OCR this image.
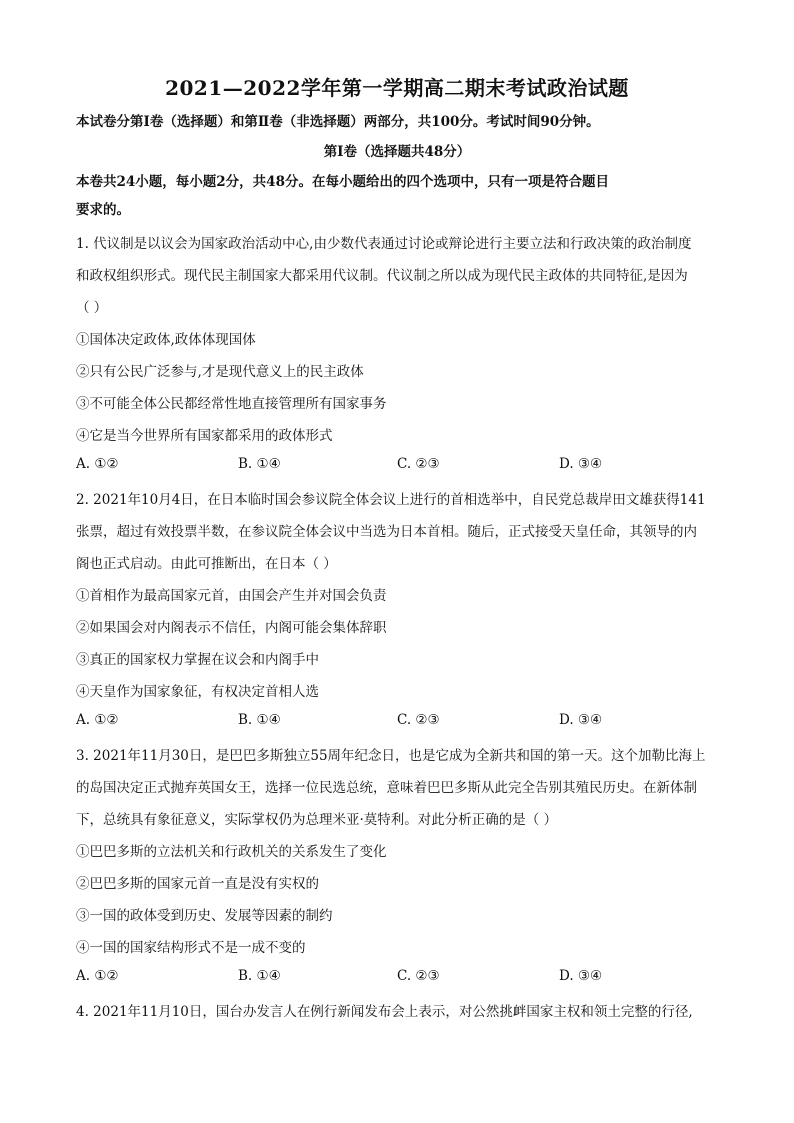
2021—2022学年第一学期高二期末考试政治试题
本试卷分第Ⅰ卷（选择题）和第Ⅱ卷（非选择题）两部分，共100分。考试时间90分钟。
第Ⅰ卷（选择题共48分）
本卷共24小题，每小题2分，共48分。在每小题给出的四个选项中，只有一项是符合题目
要求的。
1. 代议制是以议会为国家政治活动中心,由少数代表通过讨论或辩论进行主要立法和行政决策的政治制度
和政权组织形式。现代民主制国家大都采用代议制。代议制之所以成为现代民主政体的共同特征,是因为
（ ）
①国体决定政体,政体体现国体
②只有公民广泛参与,才是现代意义上的民主政体
③不可能全体公民都经常性地直接管理所有国家事务
④它是当今世界所有国家都采用的政体形式
A. ①②	B. ①④	C. ②③	D. ③④
2. 2021年10月4日，在日本临时国会参议院全体会议上进行的首相选举中，自民党总裁岸田文雄获得141
张票，超过有效投票半数，在参议院全体会议中当选为日本首相。随后，正式接受天皇任命，其领导的内
阁也正式启动。由此可推断出，在日本（ ）
①首相作为最高国家元首，由国会产生并对国会负责
②如果国会对内阁表示不信任，内阁可能会集体辞职
③真正的国家权力掌握在议会和内阁手中
④天皇作为国家象征，有权决定首相人选
A. ①②	B. ①④	C. ②③	D. ③④
3. 2021年11月30日，是巴巴多斯独立55周年纪念日，也是它成为全新共和国的第一天。这个加勒比海上
的岛国决定正式抛弃英国女王，选择一位民选总统，意味着巴巴多斯从此完全告别其殖民历史。在新体制
下，总统具有象征意义，实际掌权仍为总理米亚·莫特利。对此分析正确的是（ ）
①巴巴多斯的立法机关和行政机关的关系发生了变化
②巴巴多斯的国家元首一直是没有实权的
③一国的政体受到历史、发展等因素的制约
④一国的国家结构形式不是一成不变的
A. ①②	B. ①④	C. ②③	D. ③④
4. 2021年11月10日，国台办发言人在例行新闻发布会上表示，对公然挑衅国家主权和领土完整的行径,
